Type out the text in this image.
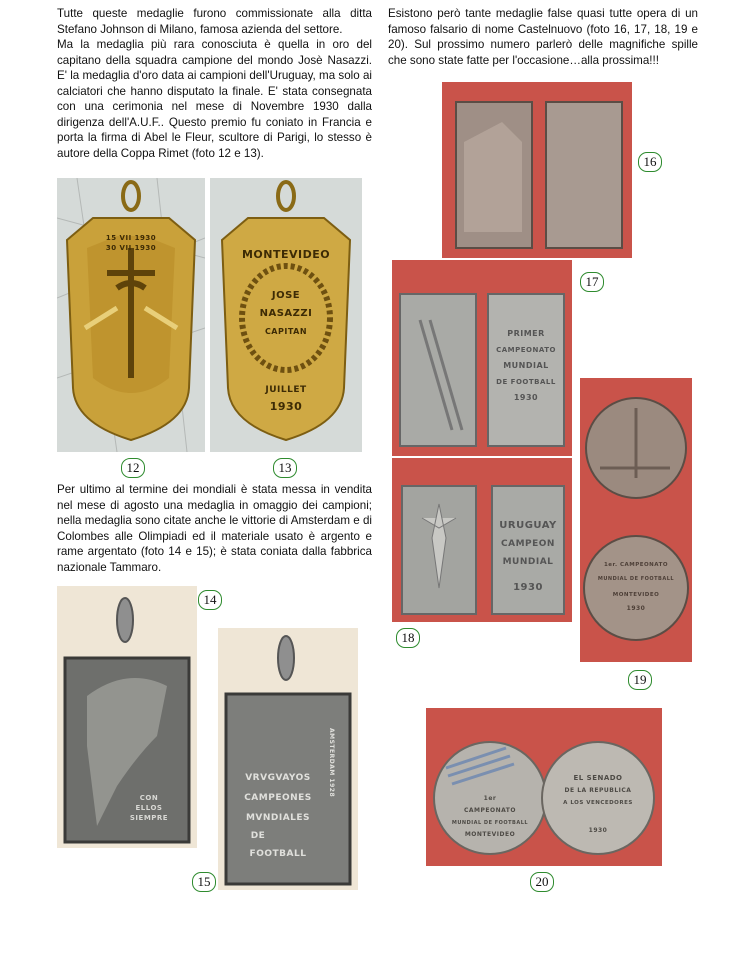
Tutte queste medaglie furono commissionate alla ditta Stefano Johnson di Milano, famosa azienda del settore.
Ma la medaglia più rara conosciuta è quella in oro del capitano della squadra campione del mondo Josè Nasazzi. E' la medaglia d'oro data ai campioni dell'Uruguay, ma solo ai calciatori che hanno disputato la finale. E' stata consegnata con una cerimonia nel mese di Novembre 1930 dalla dirigenza dell'A.U.F.. Questo premio fu coniato in Francia e porta la firma di Abel le Fleur, scultore di Parigi, lo stesso è autore della Coppa Rimet (foto 12 e 13).

15 VII 1930
30 VII 1930	MONTEVIDEO
JOSE
NASAZZI
CAPITAN
JUILLET
1930
12	13

Per ultimo al termine dei mondiali è stata messa in vendita nel mese di agosto una medaglia in omaggio dei campioni; nella medaglia sono citate anche le vittorie di Amsterdam e di Colombes alle Olimpiadi ed il materiale usato è argento e rame argentato (foto 14 e 15); è stata coniata dalla fabbrica nazionale Tammaro.

14
CON
ELLOS
SIEMPRE
VRVGVAYOS
CAMPEONES
MVNDIALES
DE
FOOTBALL
AMSTERDAM 1928
15

Esistono però tante medaglie false quasi tutte opera di un famoso falsario di nome Castelnuovo (foto 16, 17, 18, 19 e 20). Sul prossimo numero parlerò delle magnifiche spille che sono state fatte per l'occasione…alla prossima!!!

16
PRIMER
CAMPEONATO
MUNDIAL
DE FOOTBALL
1930
17
URUGUAY
CAMPEON
MUNDIAL
1930
18
1er. CAMPEONATO
MUNDIAL DE FOOTBALL
MONTEVIDEO
1930
19
1er
CAMPEONATO
MUNDIAL DE FOOTBALL
MONTEVIDEO
EL SENADO
DE LA REPUBLICA
A LOS VENCEDORES
1930
20
